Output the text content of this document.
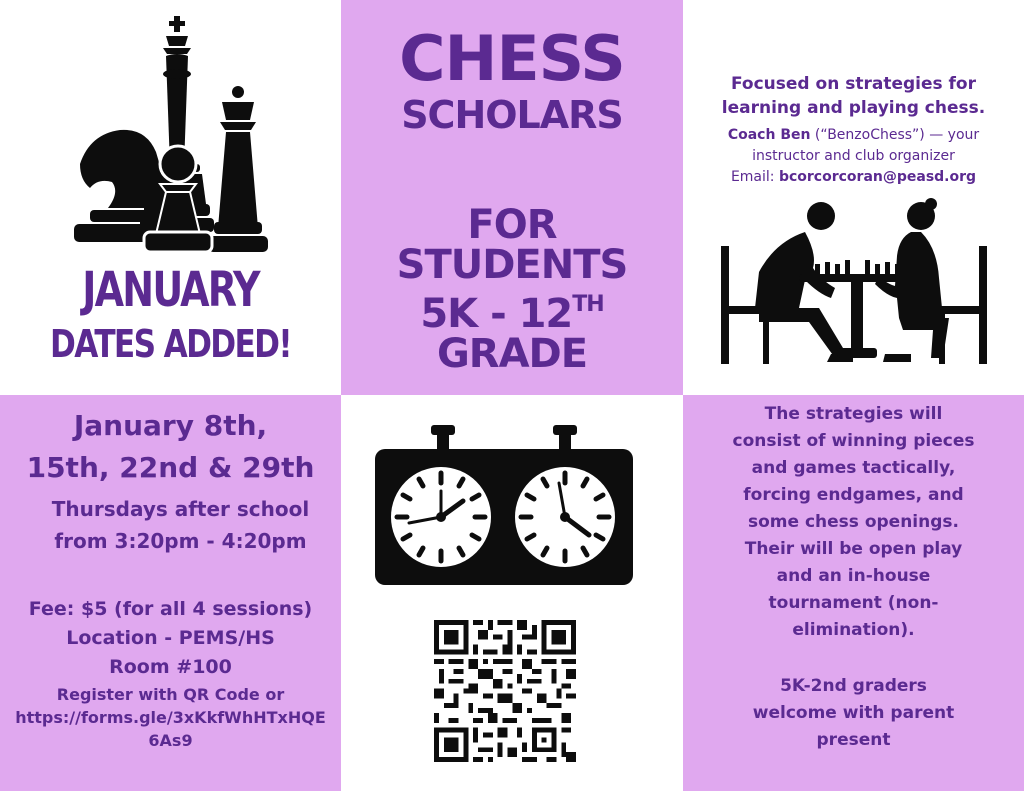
JANUARY
DATES ADDED!
CHESS
SCHOLARS
FOR
STUDENTS
5K - 12TH
GRADE
Focused on strategies for
learning and playing chess.
Coach Ben (“BenzoChess”) — your
instructor and club organizer
Email: bcorcorcoran@peasd.org
January 8th,
15th, 22nd & 29th
Thursdays after school
from 3:20pm - 4:20pm
Fee: $5 (for all 4 sessions)
Location - PEMS/HS
Room #100
Register with QR Code or
https://forms.gle/3xKkfWhHTxHQE
6As9
The strategies will
consist of winning pieces
and games tactically,
forcing endgames, and
some chess openings.
Their will be open play
and an in-house
tournament (non-
elimination).
5K-2nd graders
welcome with parent
present
